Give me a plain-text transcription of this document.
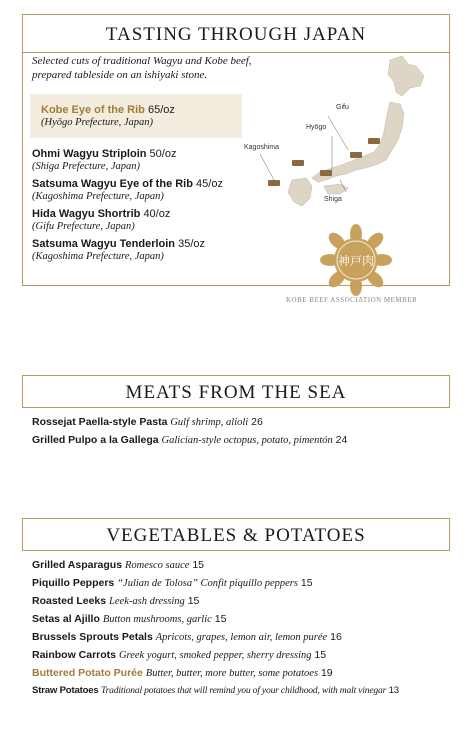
TASTING THROUGH JAPAN
Selected cuts of traditional Wagyu and Kobe beef, prepared tableside on an ishiyaki stone.
Kobe Eye of the Rib 65/oz
(Hyōgo Prefecture, Japan)
Ohmi Wagyu Striploin 50/oz
(Shiga Prefecture, Japan)
Satsuma Wagyu Eye of the Rib 45/oz
(Kagoshima Prefecture, Japan)
Hida Wagyu Shortrib 40/oz
(Gifu Prefecture, Japan)
Satsuma Wagyu Tenderloin 35/oz
(Kagoshima Prefecture, Japan)
Gifu
Hyōgo
Kagoshima
Shiga
神戸肉
KOBE BEEF ASSOCIATION MEMBER
MEATS FROM THE SEA
Rossejat Paella-style Pasta Gulf shrimp, alioli 26
Grilled Pulpo a la Gallega Galician-style octopus, potato, pimentón 24
VEGETABLES & POTATOES
Grilled Asparagus Romesco sauce 15
Piquillo Peppers “Julian de Tolosa” Confit piquillo peppers 15
Roasted Leeks Leek-ash dressing 15
Setas al Ajillo Button mushrooms, garlic 15
Brussels Sprouts Petals Apricots, grapes, lemon air, lemon purée 16
Rainbow Carrots Greek yogurt, smoked pepper, sherry dressing 15
Buttered Potato Purée Butter, butter, more butter, some potatoes 19
Straw Potatoes Traditional potatoes that will remind you of your childhood, with malt vinegar 13
